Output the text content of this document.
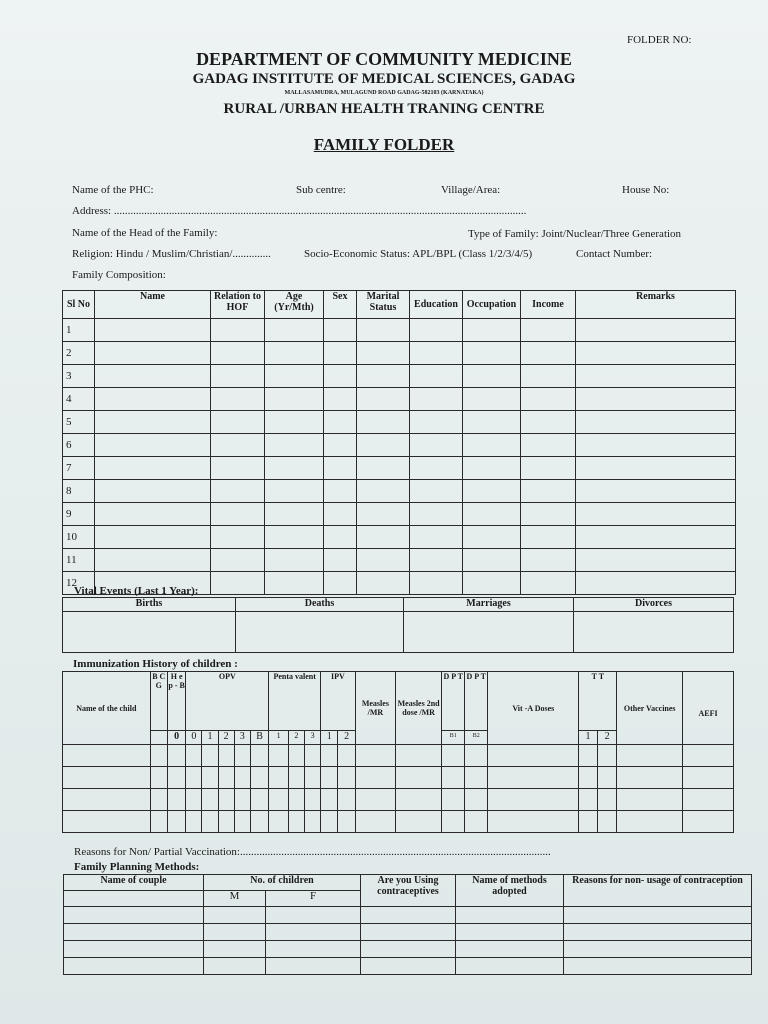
FOLDER NO:
DEPARTMENT OF COMMUNITY MEDICINE
GADAG INSTITUTE OF MEDICAL SCIENCES, GADAG
MALLASAMUDRA, MULAGUND ROAD GADAG-582103 (KARNATAKA)
RURAL /URBAN HEALTH TRANING CENTRE
FAMILY FOLDER
Name of the PHC:	Sub centre:	Village/Area:	House No:
Address: ......................................................................................................................................................
Name of the Head of the Family:	Type of Family: Joint/Nuclear/Three Generation
Religion: Hindu / Muslim/Christian/..............	Socio-Economic Status: APL/BPL (Class 1/2/3/4/5)	Contact Number:
Family Composition:
Sl No	Name	Relation to HOF	Age (Yr/Mth)	Sex	Marital Status	Education	Occupation	Income	Remarks
1									
2									
3									
4									
5									
6									
7									
8									
9									
10									
11									
12									
Vital Events (Last 1 Year):
Births	Deaths	Marriages	Divorces

Immunization History of children :
Name of the child	B C G	H e p - B	OPV					Penta valent			IPV		Measles /MR	Measles 2nd dose /MR	D P T	D P T	Vit -A Doses	T T		Other Vaccines	AEFI
		0	0	1	2	3	B	1	2	3	1	2			B1	B2		1	2		

Reasons for Non/ Partial Vaccination:.................................................................................................................
Family Planning Methods:
Name of couple	No. of children		Are you Using contraceptives	Name of methods adopted	Reasons for non- usage of contraception
	M	F			
